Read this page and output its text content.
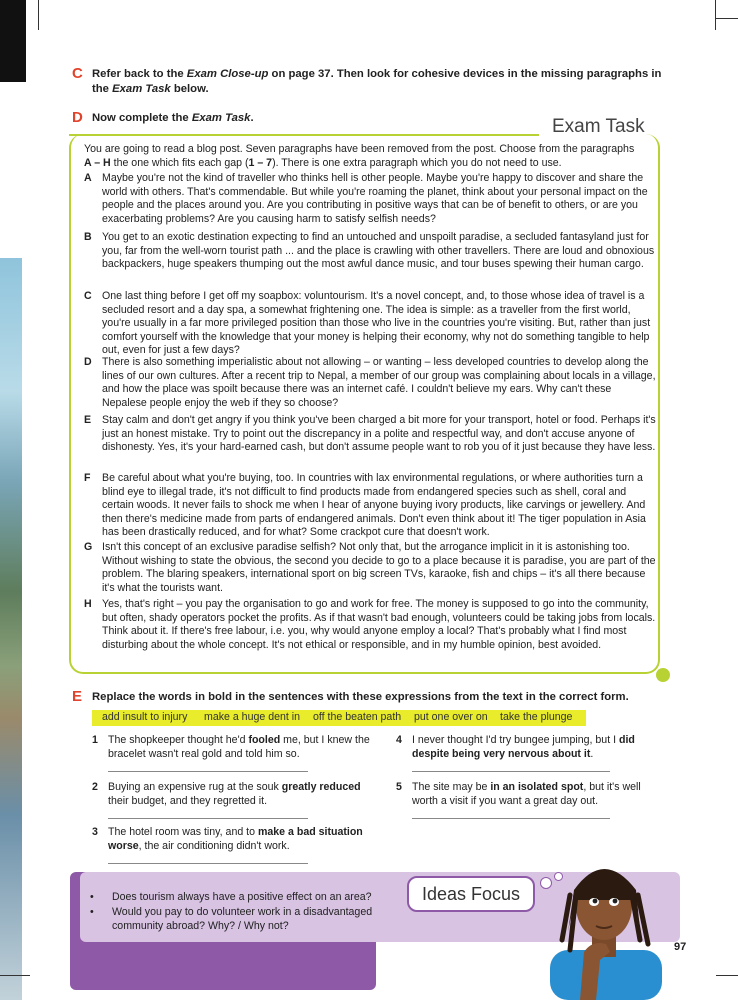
C Refer back to the Exam Close-up on page 37. Then look for cohesive devices in the missing paragraphs in
the Exam Task below.
D Now complete the Exam Task.	Exam Task
You are going to read a blog post. Seven paragraphs have been removed from the post. Choose from the paragraphs
A – H the one which fits each gap (1 – 7). There is one extra paragraph which you do not need to use.
A Maybe you're not the kind of traveller who thinks hell is other people. Maybe you're happy to discover and share the world with others. That's commendable. But while you're roaming the planet, think about your personal impact on the people and the places around you. Are you contributing in positive ways that can be of benefit to others, or are you exacerbating problems? Are you causing harm to satisfy selfish needs?
B You get to an exotic destination expecting to find an untouched and unspoilt paradise, a secluded fantasyland just for you, far from the well-worn tourist path ... and the place is crawling with other travellers. There are loud and obnoxious backpackers, huge speakers thumping out the most awful dance music, and tour buses spewing their human cargo.
C One last thing before I get off my soapbox: voluntourism. It's a novel concept, and, to those whose idea of travel is a secluded resort and a day spa, a somewhat frightening one. The idea is simple: as a traveller from the first world, you're usually in a far more privileged position than those who live in the countries you're visiting. But, rather than just comfort yourself with the knowledge that your money is helping their economy, why not do something tangible to help out, even for just a few days?
D There is also something imperialistic about not allowing – or wanting – less developed countries to develop along the lines of our own cultures. After a recent trip to Nepal, a member of our group was complaining about locals in a village, and how the place was spoilt because there was an internet café. I couldn't believe my ears. Why can't these Nepalese people enjoy the web if they so choose?
E Stay calm and don't get angry if you think you've been charged a bit more for your transport, hotel or food. Perhaps it's just an honest mistake. Try to point out the discrepancy in a polite and respectful way, and don't accuse anyone of dishonesty. Yes, it's your hard-earned cash, but don't assume people want to rob you of it just because they have less.
F Be careful about what you're buying, too. In countries with lax environmental regulations, or where authorities turn a blind eye to illegal trade, it's not difficult to find products made from endangered species such as shell, coral and certain woods. It never fails to shock me when I hear of anyone buying ivory products, like carvings or jewellery. And then there's medicine made from parts of endangered animals. Don't even think about it! The tiger population in Asia has been drastically reduced, and for what? Some crackpot cure that doesn't work.
G Isn't this concept of an exclusive paradise selfish? Not only that, but the arrogance implicit in it is astonishing too. Without wishing to state the obvious, the second you decide to go to a place because it is paradise, you are part of the problem. The blaring speakers, international sport on big screen TVs, karaoke, fish and chips – it's all there because it's what the tourists want.
H Yes, that's right – you pay the organisation to go and work for free. The money is supposed to go into the community, but often, shady operators pocket the profits. As if that wasn't bad enough, volunteers could be taking jobs from locals. Think about it. If there's free labour, i.e. you, why would anyone employ a local? That's probably what I find most disturbing about the whole concept. It's not ethical or responsible, and in my humble opinion, best avoided.
E Replace the words in bold in the sentences with these expressions from the text in the correct form.
add insult to injury make a huge dent in off the beaten path put one over on take the plunge
1 The shopkeeper thought he'd fooled me, but I knew the bracelet wasn't real gold and told him so.
2 Buying an expensive rug at the souk greatly reduced their budget, and they regretted it.
3 The hotel room was tiny, and to make a bad situation worse, the air conditioning didn't work.
4 I never thought I'd try bungee jumping, but I did despite being very nervous about it.
5 The site may be in an isolated spot, but it's well worth a visit if you want a great day out.
• Does tourism always have a positive effect on an area?
• Would you pay to do volunteer work in a disadvantaged community abroad? Why? / Why not?
Ideas Focus
97
